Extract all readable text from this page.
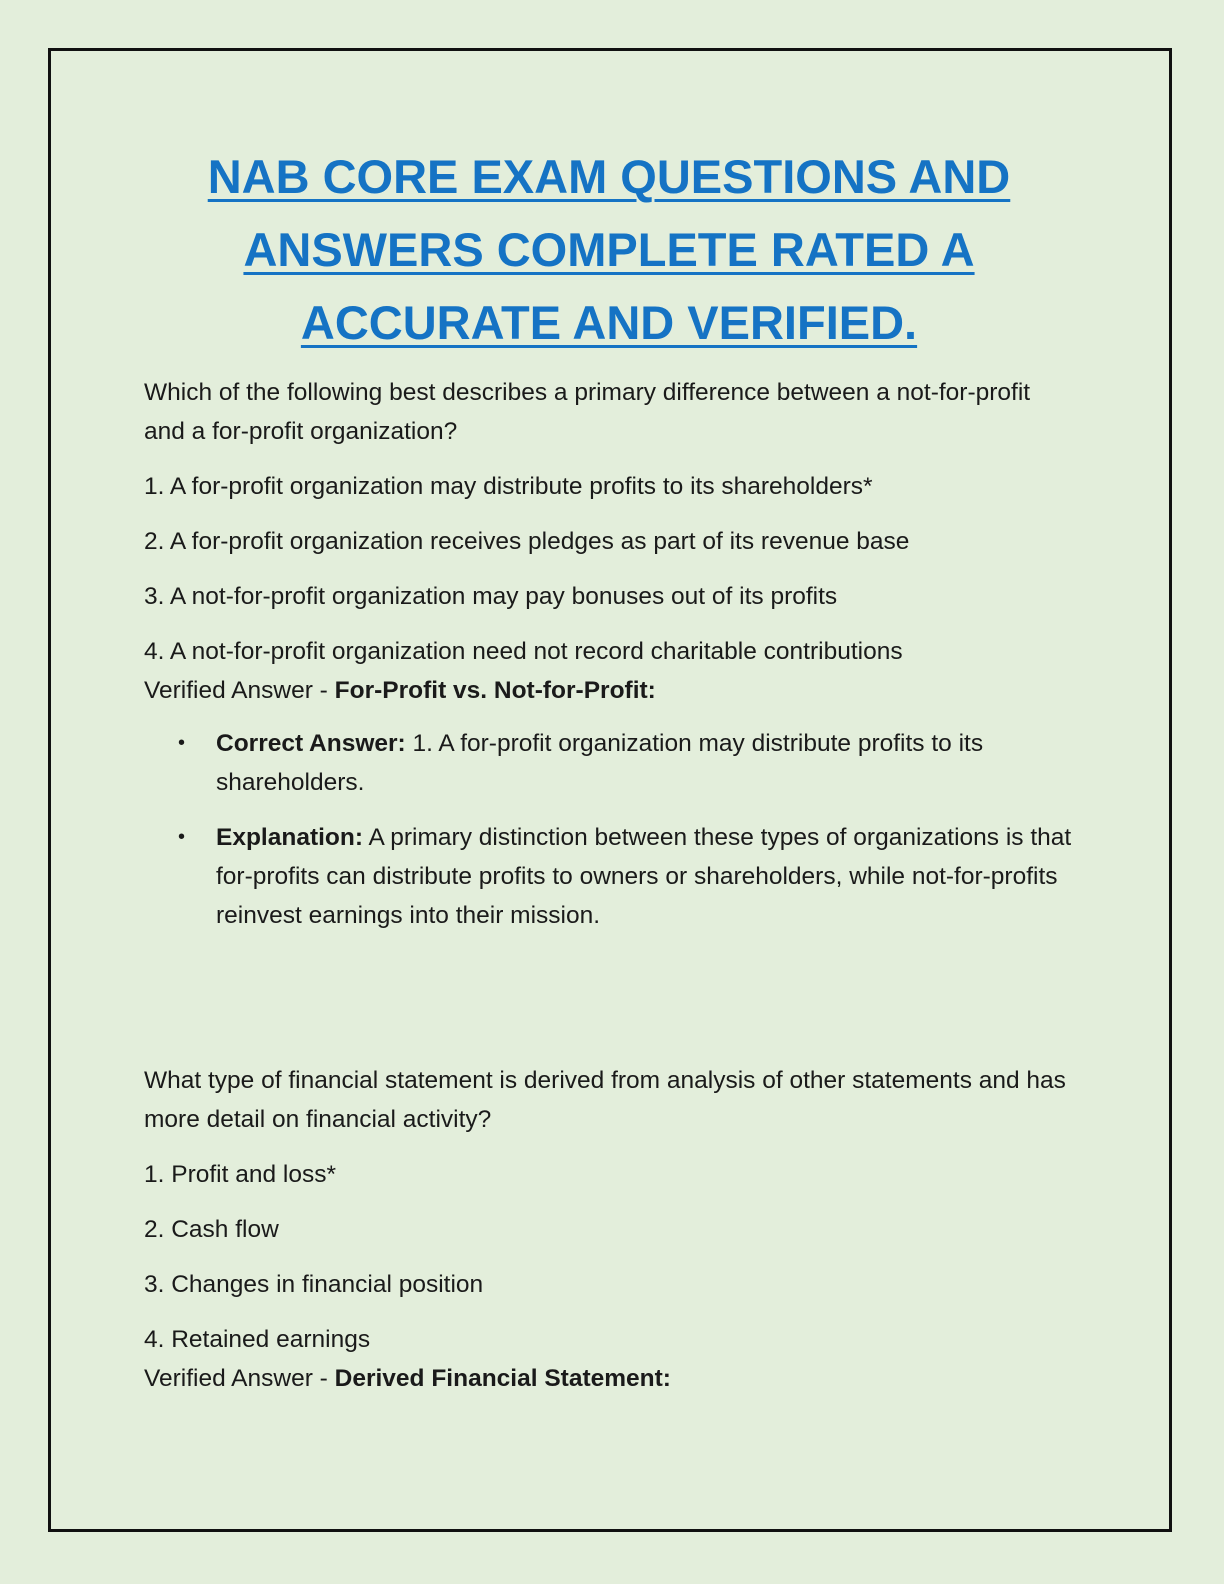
NAB CORE EXAM QUESTIONS AND
ANSWERS COMPLETE RATED A
ACCURATE AND VERIFIED.

Which of the following best describes a primary difference between a not-for-profit and a for-profit organization?

1. A for-profit organization may distribute profits to its shareholders*

2. A for-profit organization receives pledges as part of its revenue base

3. A not-for-profit organization may pay bonuses out of its profits

4. A not-for-profit organization need not record charitable contributions

Verified Answer - For-Profit vs. Not-for-Profit:

• Correct Answer: 1. A for-profit organization may distribute profits to its shareholders.
• Explanation: A primary distinction between these types of organizations is that for-profits can distribute profits to owners or shareholders, while not-for-profits reinvest earnings into their mission.

What type of financial statement is derived from analysis of other statements and has more detail on financial activity?

1. Profit and loss*

2. Cash flow

3. Changes in financial position

4. Retained earnings

Verified Answer - Derived Financial Statement:
